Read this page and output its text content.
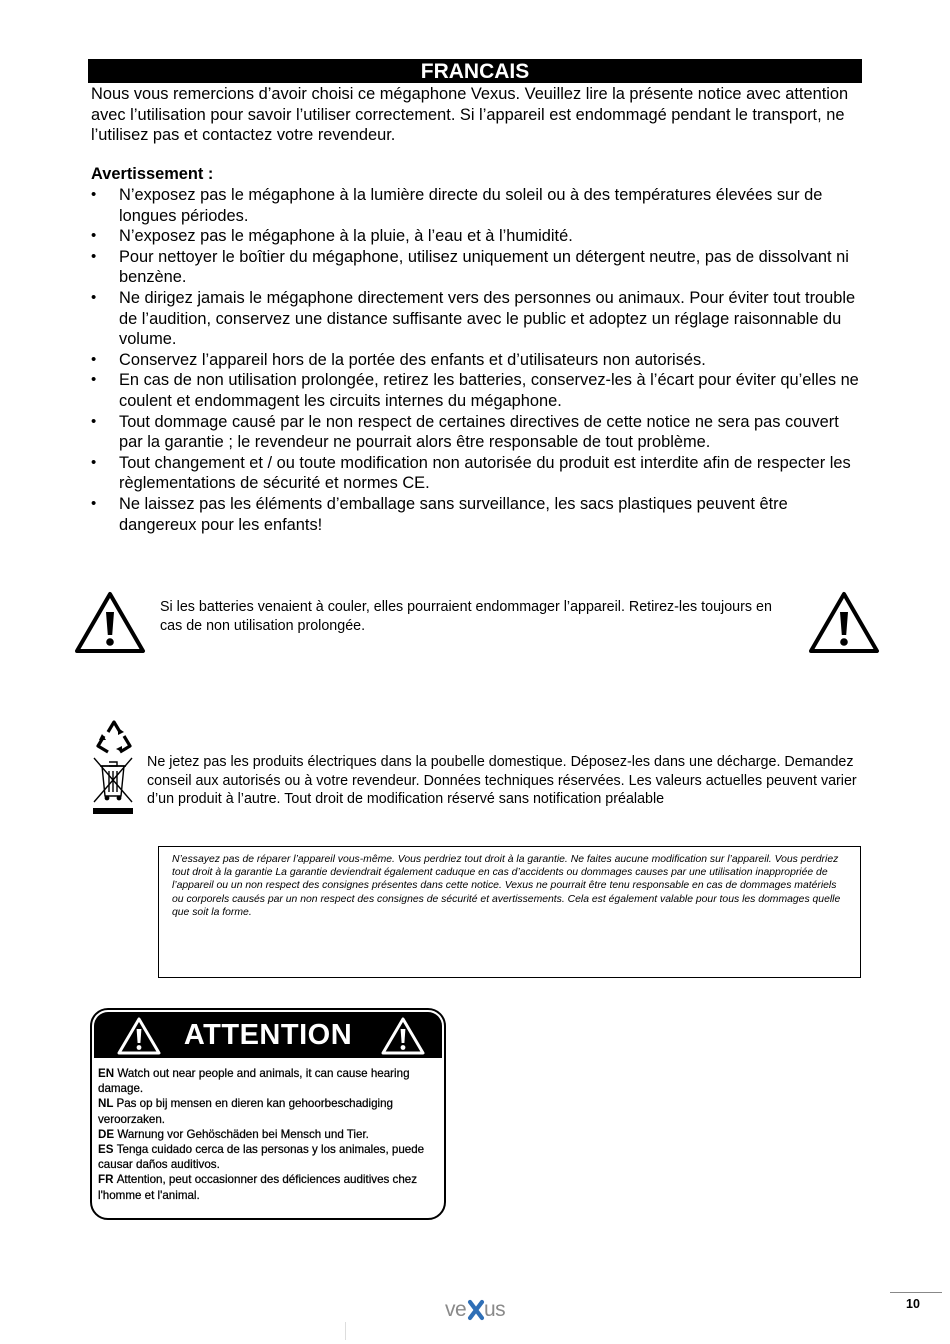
FRANCAIS

Nous vous remercions d’avoir choisi ce mégaphone Vexus. Veuillez lire la présente notice avec attention avec l’utilisation pour savoir l’utiliser correctement. Si l’appareil est endommagé pendant le transport, ne l’utilisez pas et contactez votre revendeur.

Avertissement :
• N’exposez pas le mégaphone à la lumière directe du soleil ou à des températures élevées sur de longues périodes.
• N’exposez pas le mégaphone à la pluie, à l’eau et à l’humidité.
• Pour nettoyer le boîtier du mégaphone, utilisez uniquement un détergent neutre, pas de dissolvant ni benzène.
• Ne dirigez jamais le mégaphone directement vers des personnes ou animaux. Pour éviter tout trouble de l’audition, conservez une distance suffisante avec le public et adoptez un réglage raisonnable du volume.
• Conservez l’appareil hors de la portée des enfants et d’utilisateurs non autorisés.
• En cas de non utilisation prolongée, retirez les batteries, conservez-les à l’écart pour éviter qu’elles ne coulent et endommagent les circuits internes du mégaphone.
• Tout dommage causé par le non respect de certaines directives de cette notice ne sera pas couvert par la garantie ; le revendeur ne pourrait alors être responsable de tout problème.
• Tout changement et / ou toute modification non autorisée du produit est interdite afin de respecter les règlementations de sécurité et normes CE.
• Ne laissez pas les éléments d’emballage sans surveillance, les sacs plastiques peuvent être dangereux pour les enfants!
Si les batteries venaient à couler, elles pourraient endommager l’appareil. Retirez-les toujours en cas de non utilisation prolongée.
Ne jetez pas les produits électriques dans la poubelle domestique. Déposez-les dans une décharge. Demandez conseil aux autorisés ou à votre revendeur. Données techniques réservées. Les valeurs actuelles peuvent varier d’un produit à l’autre. Tout droit de modification réservé sans notification préalable

N’essayez pas de réparer l’appareil vous-même. Vous perdriez tout droit à la garantie. Ne faites aucune modification sur l’appareil. Vous perdriez tout droit à la garantie La garantie deviendrait également caduque en cas d’accidents ou dommages causes par une utilisation inappropriée de l’appareil ou un non respect des consignes présentes dans cette notice. Vexus ne pourrait être tenu responsable en cas de dommages matériels ou corporels causés par un non respect des consignes de sécurité et avertissements. Cela est également valable pour tous les dommages quelle que soit la forme.

ATTENTION
EN Watch out near people and animals, it can cause hearing damage.
NL Pas op bij mensen en dieren kan gehoorbeschadiging veroorzaken.
DE Warnung vor Gehöschäden bei Mensch und Tier.
ES Tenga cuidado cerca de las personas y los animales, puede causar daños auditivos.
FR Attention, peut occasionner des déficiences auditives chez l'homme et l'animal.
ve us	10
